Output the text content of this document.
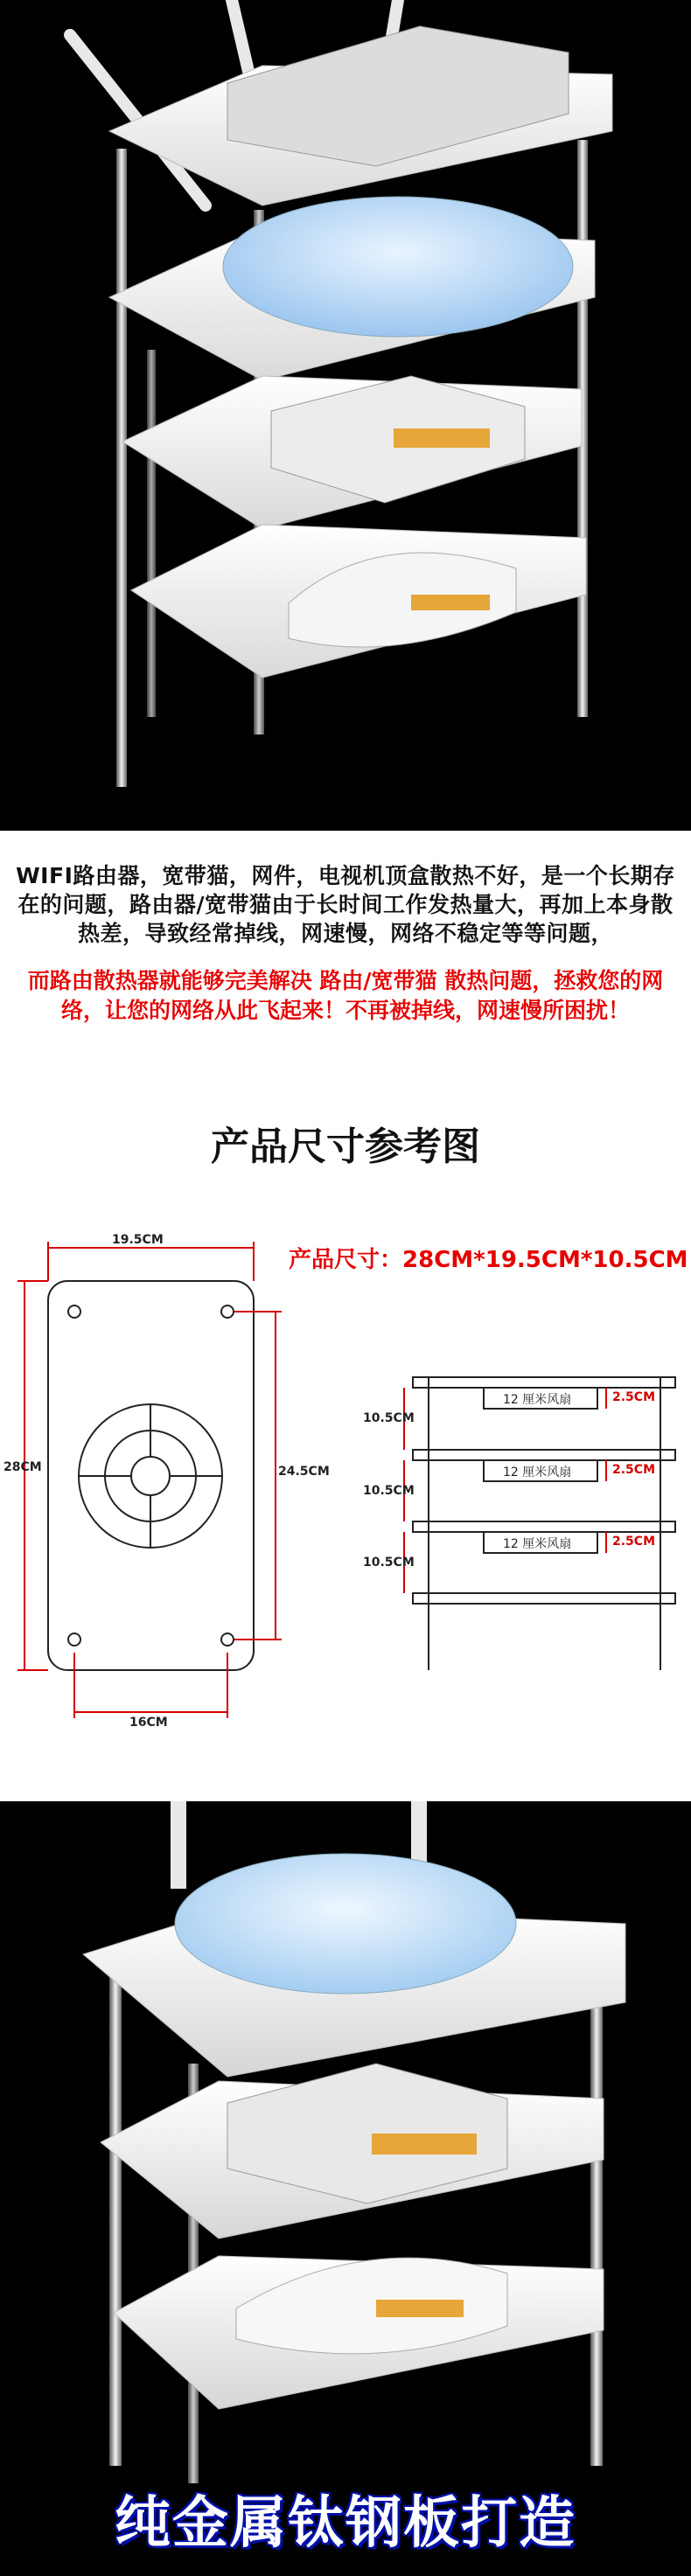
WIFI路由器，宽带猫，网件，电视机顶盒散热不好，是一个长期存在的问题，路由器/宽带猫由于长时间工作发热量大，再加上本身散热差，导致经常掉线，网速慢，网络不稳定等等问题，
而路由散热器就能够完美解决 路由/宽带猫 散热问题，拯救您的网络，让您的网络从此飞起来！不再被掉线，网速慢所困扰！
产品尺寸参考图
19.5CM
28CM	24.5CM
16CM
产品尺寸：28CM*19.5CM*10.5CM
10.5CM
10.5CM
10.5CM
12 厘米风扇
12 厘米风扇
12 厘米风扇
2.5CM
2.5CM
2.5CM
纯金属钛钢板打造
